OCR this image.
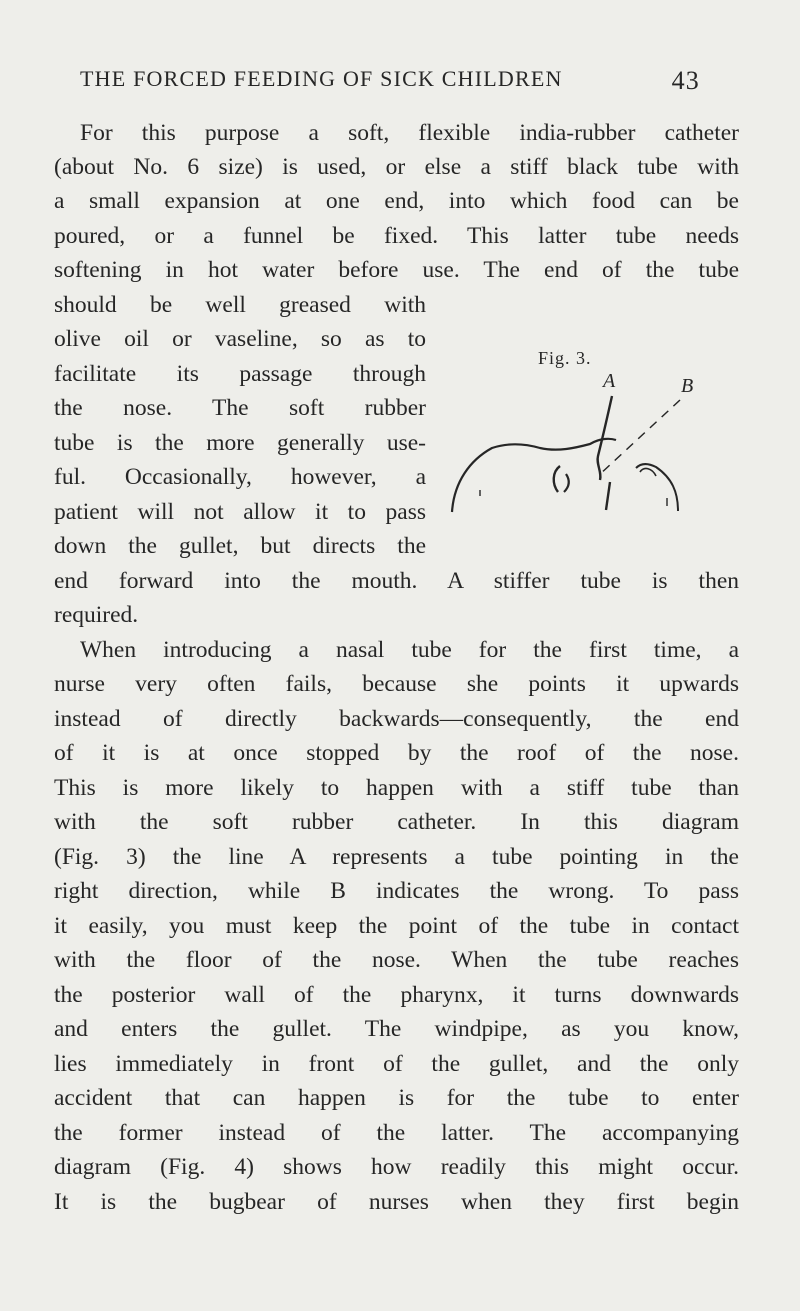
THE FORCED FEEDING OF SICK CHILDREN	43
For this purpose a soft, flexible india-rubber catheter
(about No. 6 size) is used, or else a stiff black tube with
a small expansion at one end, into which food can be
poured, or a funnel be fixed. This latter tube needs
softening in hot water before use. The end of the tube
should be well greased with
olive oil or vaseline, so as to
facilitate its passage through
the nose. The soft rubber
tube is the more generally use-
ful. Occasionally, however, a
patient will not allow it to pass
down the gullet, but directs the
end forward into the mouth. A stiffer tube is then
required.
When introducing a nasal tube for the first time, a
nurse very often fails, because she points it upwards
instead of directly backwards—consequently, the end
of it is at once stopped by the roof of the nose.
This is more likely to happen with a stiff tube than
with the soft rubber catheter. In this diagram
(Fig. 3) the line A represents a tube pointing in the
right direction, while B indicates the wrong. To pass
it easily, you must keep the point of the tube in contact
with the floor of the nose. When the tube reaches
the posterior wall of the pharynx, it turns downwards
and enters the gullet. The windpipe, as you know,
lies immediately in front of the gullet, and the only
accident that can happen is for the tube to enter
the former instead of the latter. The accompanying
diagram (Fig. 4) shows how readily this might occur.
It is the bugbear of nurses when they first begin
Fig. 3.
A	B
